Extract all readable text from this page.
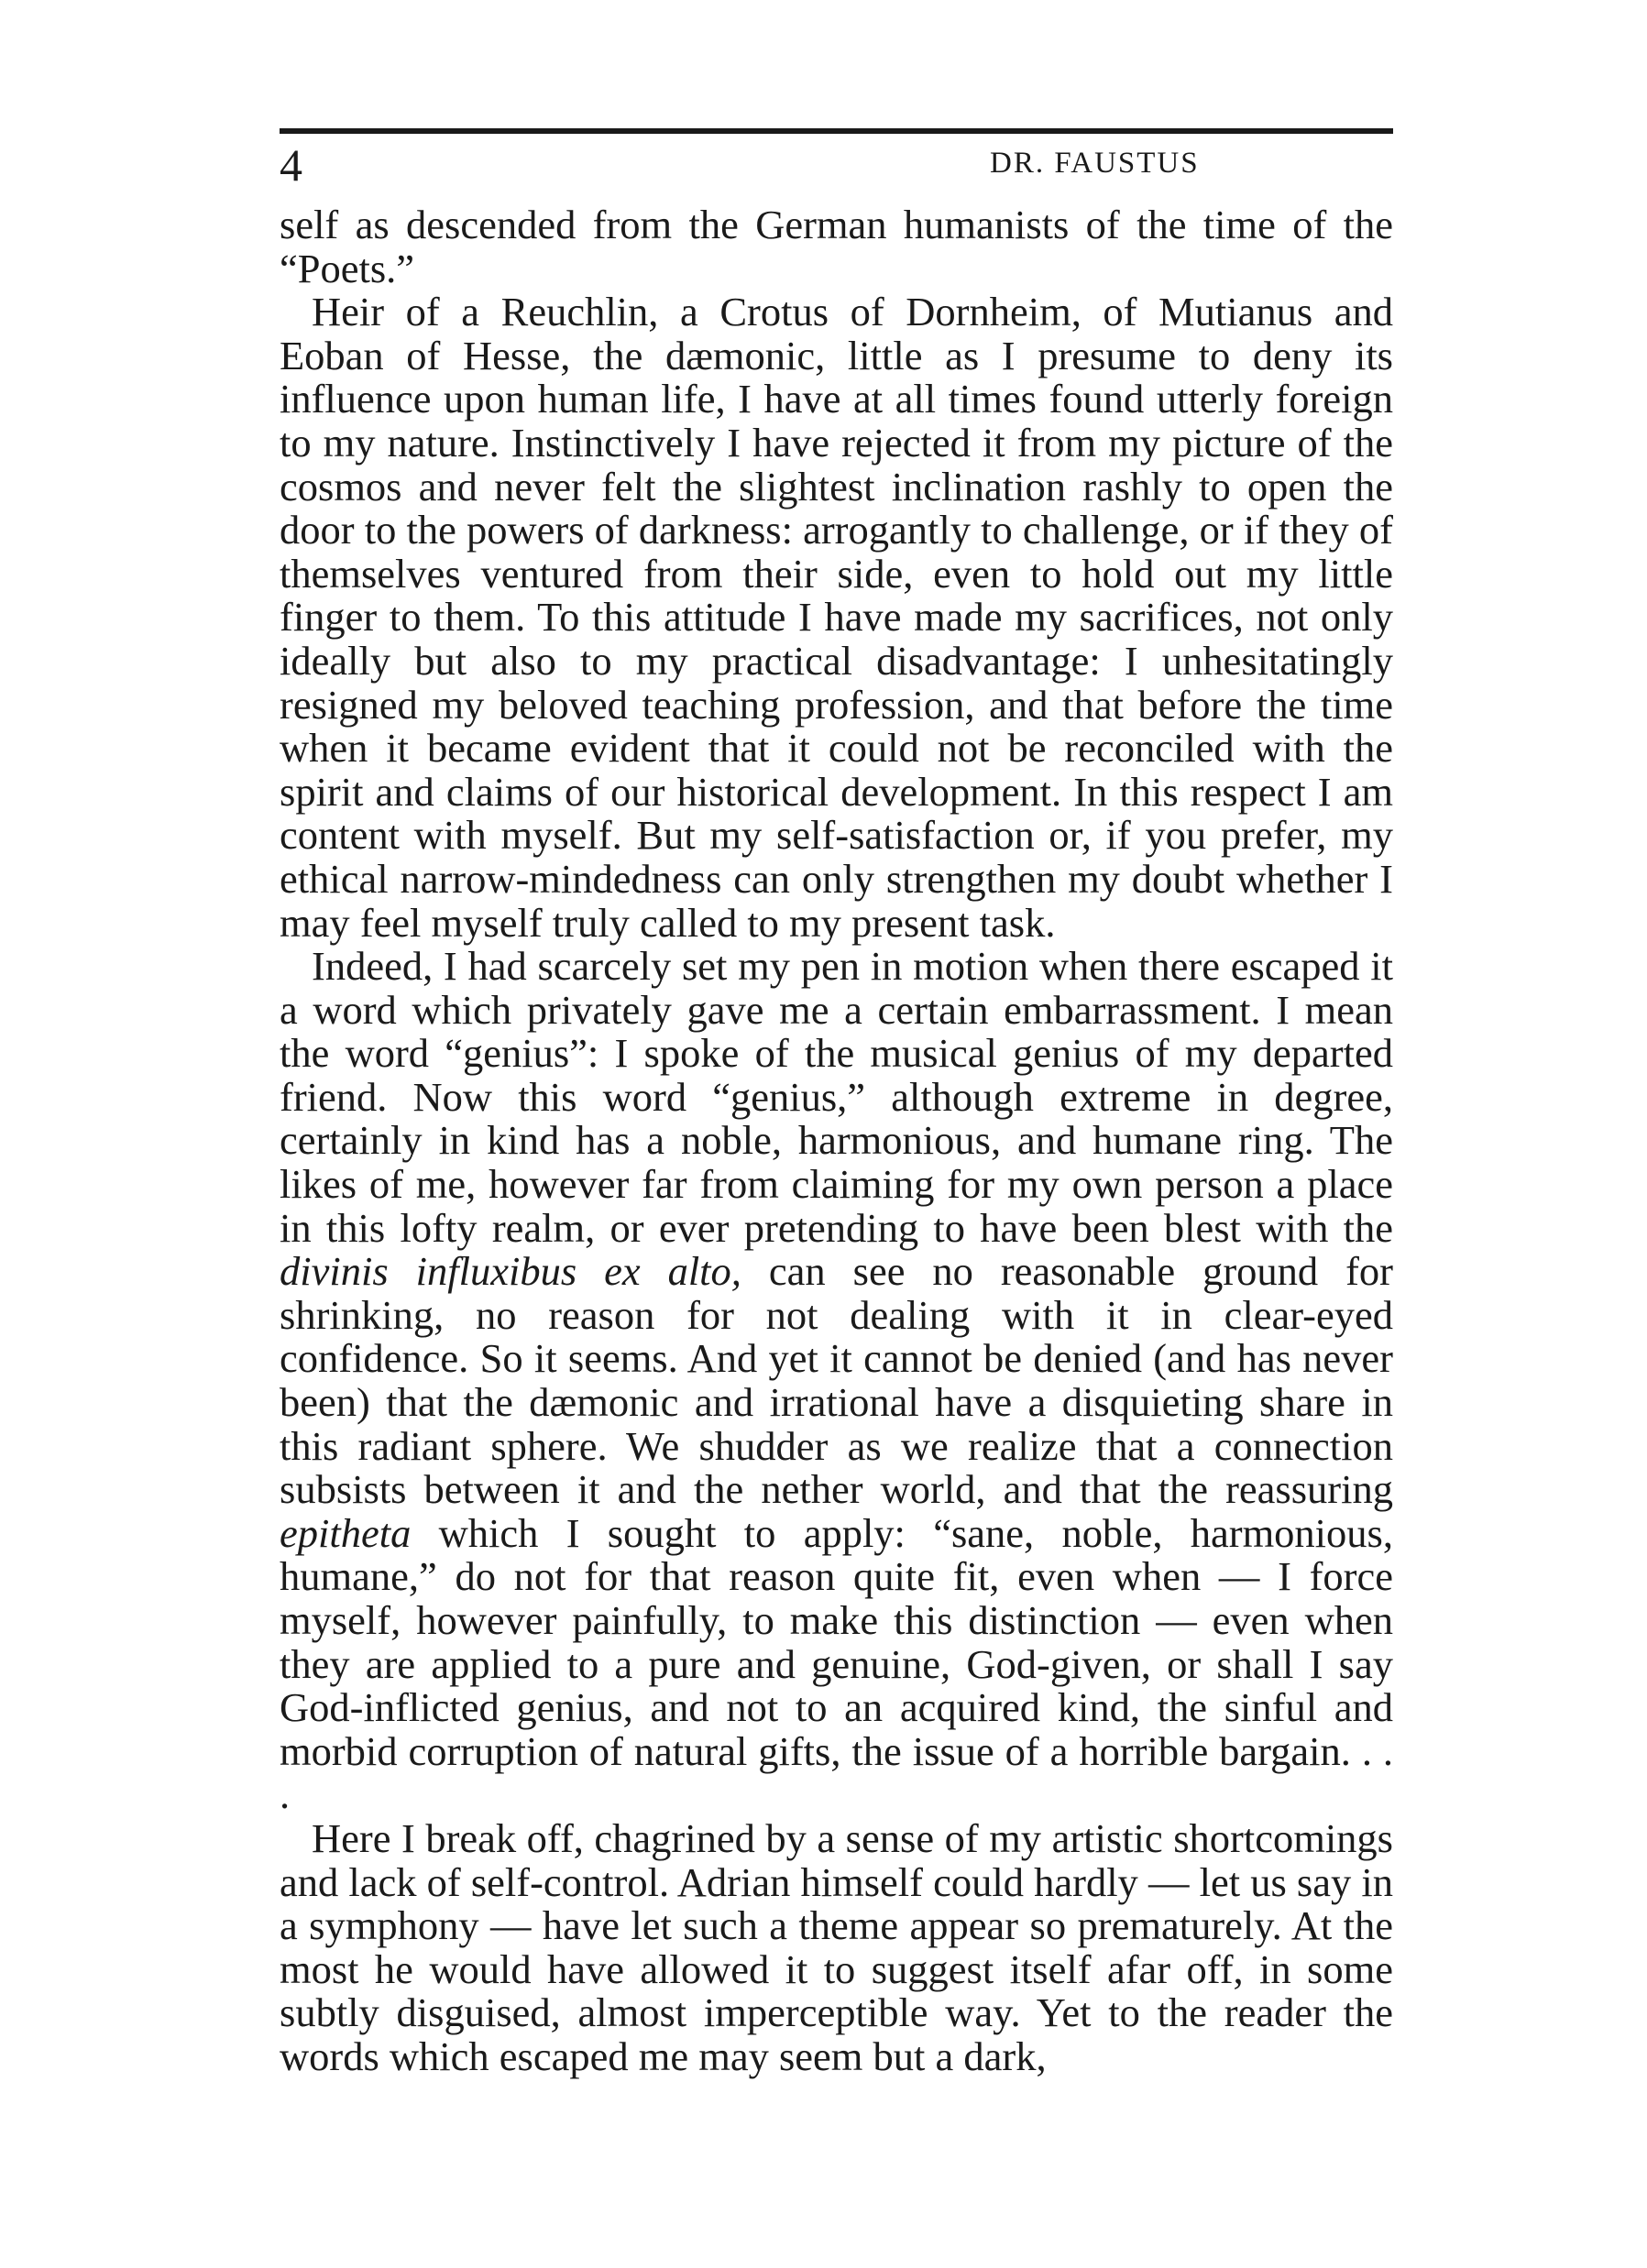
4	DR. FAUSTUS

self as descended from the German humanists of the time of the “Poets.”

Heir of a Reuchlin, a Crotus of Dornheim, of Mutianus and Eoban of Hesse, the dæmonic, little as I presume to deny its influence upon human life, I have at all times found utterly foreign to my nature. Instinctively I have rejected it from my picture of the cosmos and never felt the slightest inclination rashly to open the door to the powers of darkness: arrogantly to challenge, or if they of themselves ventured from their side, even to hold out my little finger to them. To this attitude I have made my sacrifices, not only ideally but also to my practical disadvantage: I unhesitatingly resigned my beloved teaching profession, and that before the time when it became evident that it could not be reconciled with the spirit and claims of our historical development. In this respect I am content with myself. But my self-satisfaction or, if you prefer, my ethical narrow-mindedness can only strengthen my doubt whether I may feel myself truly called to my present task.

Indeed, I had scarcely set my pen in motion when there escaped it a word which privately gave me a certain embarrassment. I mean the word “genius”: I spoke of the musical genius of my departed friend. Now this word “genius,” although extreme in degree, certainly in kind has a noble, harmonious, and humane ring. The likes of me, however far from claiming for my own person a place in this lofty realm, or ever pretending to have been blest with the divinis influxibus ex alto, can see no reasonable ground for shrinking, no reason for not dealing with it in clear-eyed confidence. So it seems. And yet it cannot be denied (and has never been) that the dæmonic and irrational have a disquieting share in this radiant sphere. We shudder as we realize that a connection subsists between it and the nether world, and that the reassuring epitheta which I sought to apply: “sane, noble, harmonious, humane,” do not for that reason quite fit, even when — I force myself, however painfully, to make this distinction — even when they are applied to a pure and genuine, God-given, or shall I say God-inflicted genius, and not to an acquired kind, the sinful and morbid corruption of natural gifts, the issue of a horrible bargain. . . .

Here I break off, chagrined by a sense of my artistic shortcomings and lack of self-control. Adrian himself could hardly — let us say in a symphony — have let such a theme appear so prematurely. At the most he would have allowed it to suggest itself afar off, in some subtly disguised, almost imperceptible way. Yet to the reader the words which escaped me may seem but a dark,
